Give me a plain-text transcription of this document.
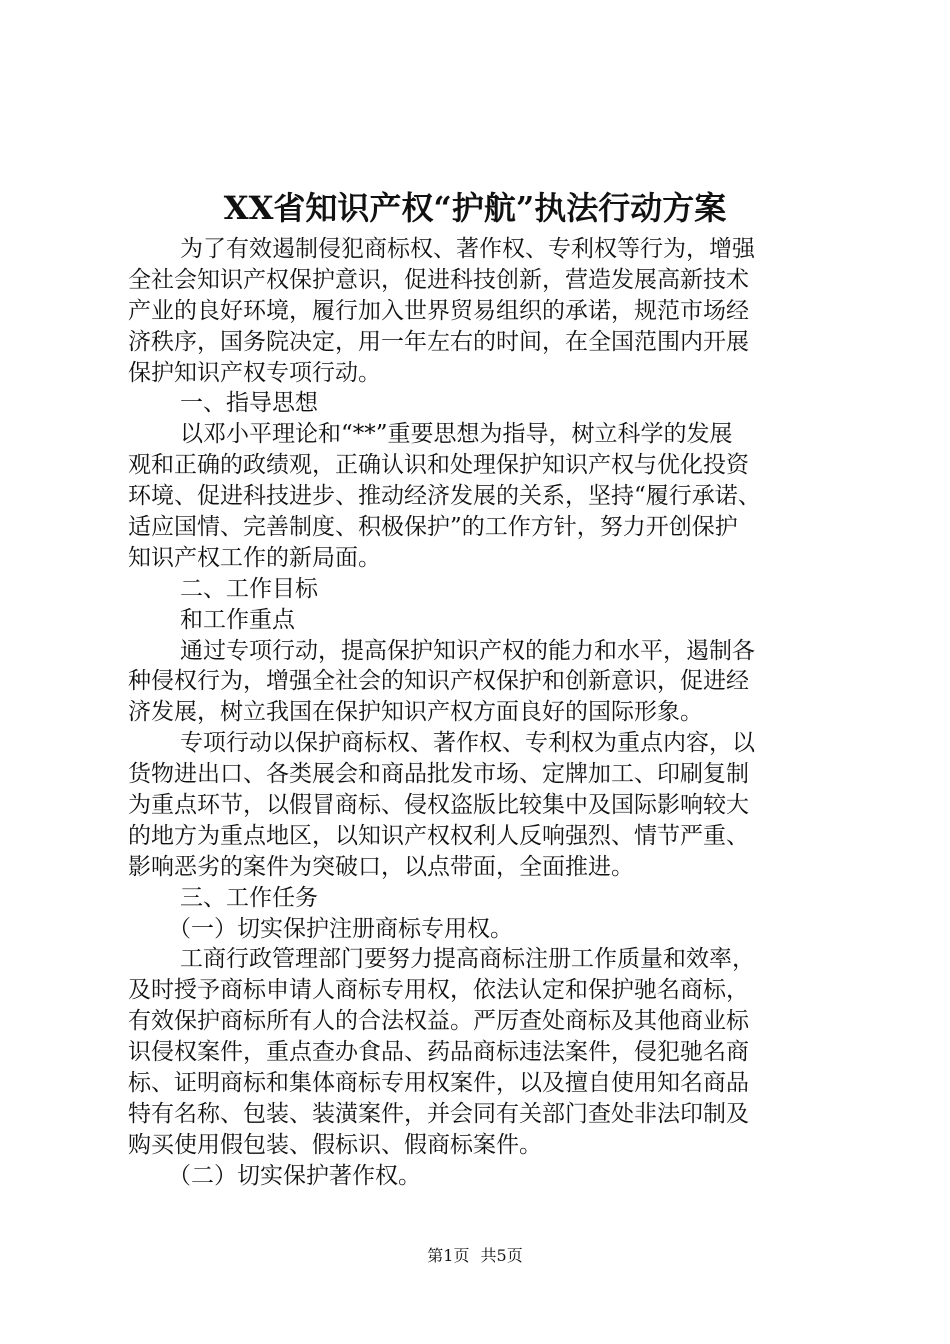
XX省知识产权“护航”执法行动方案
为了有效遏制侵犯商标权、著作权、专利权等行为，增强
全社会知识产权保护意识，促进科技创新，营造发展高新技术
产业的良好环境，履行加入世界贸易组织的承诺，规范市场经
济秩序，国务院决定，用一年左右的时间，在全国范围内开展
保护知识产权专项行动。
一、指导思想
以邓小平理论和“**”重要思想为指导，树立科学的发展
观和正确的政绩观，正确认识和处理保护知识产权与优化投资
环境、促进科技进步、推动经济发展的关系，坚持“履行承诺、
适应国情、完善制度、积极保护”的工作方针，努力开创保护
知识产权工作的新局面。
二、工作目标
和工作重点
通过专项行动，提高保护知识产权的能力和水平，遏制各
种侵权行为，增强全社会的知识产权保护和创新意识，促进经
济发展，树立我国在保护知识产权方面良好的国际形象。
专项行动以保护商标权、著作权、专利权为重点内容，以
货物进出口、各类展会和商品批发市场、定牌加工、印刷复制
为重点环节，以假冒商标、侵权盗版比较集中及国际影响较大
的地方为重点地区，以知识产权权利人反响强烈、情节严重、
影响恶劣的案件为突破口，以点带面，全面推进。
三、工作任务
（一）切实保护注册商标专用权。
工商行政管理部门要努力提高商标注册工作质量和效率，
及时授予商标申请人商标专用权，依法认定和保护驰名商标，
有效保护商标所有人的合法权益。严厉查处商标及其他商业标
识侵权案件，重点查办食品、药品商标违法案件，侵犯驰名商
标、证明商标和集体商标专用权案件，以及擅自使用知名商品
特有名称、包装、装潢案件，并会同有关部门查处非法印制及
购买使用假包装、假标识、假商标案件。
（二）切实保护著作权。
第1页 共5页
